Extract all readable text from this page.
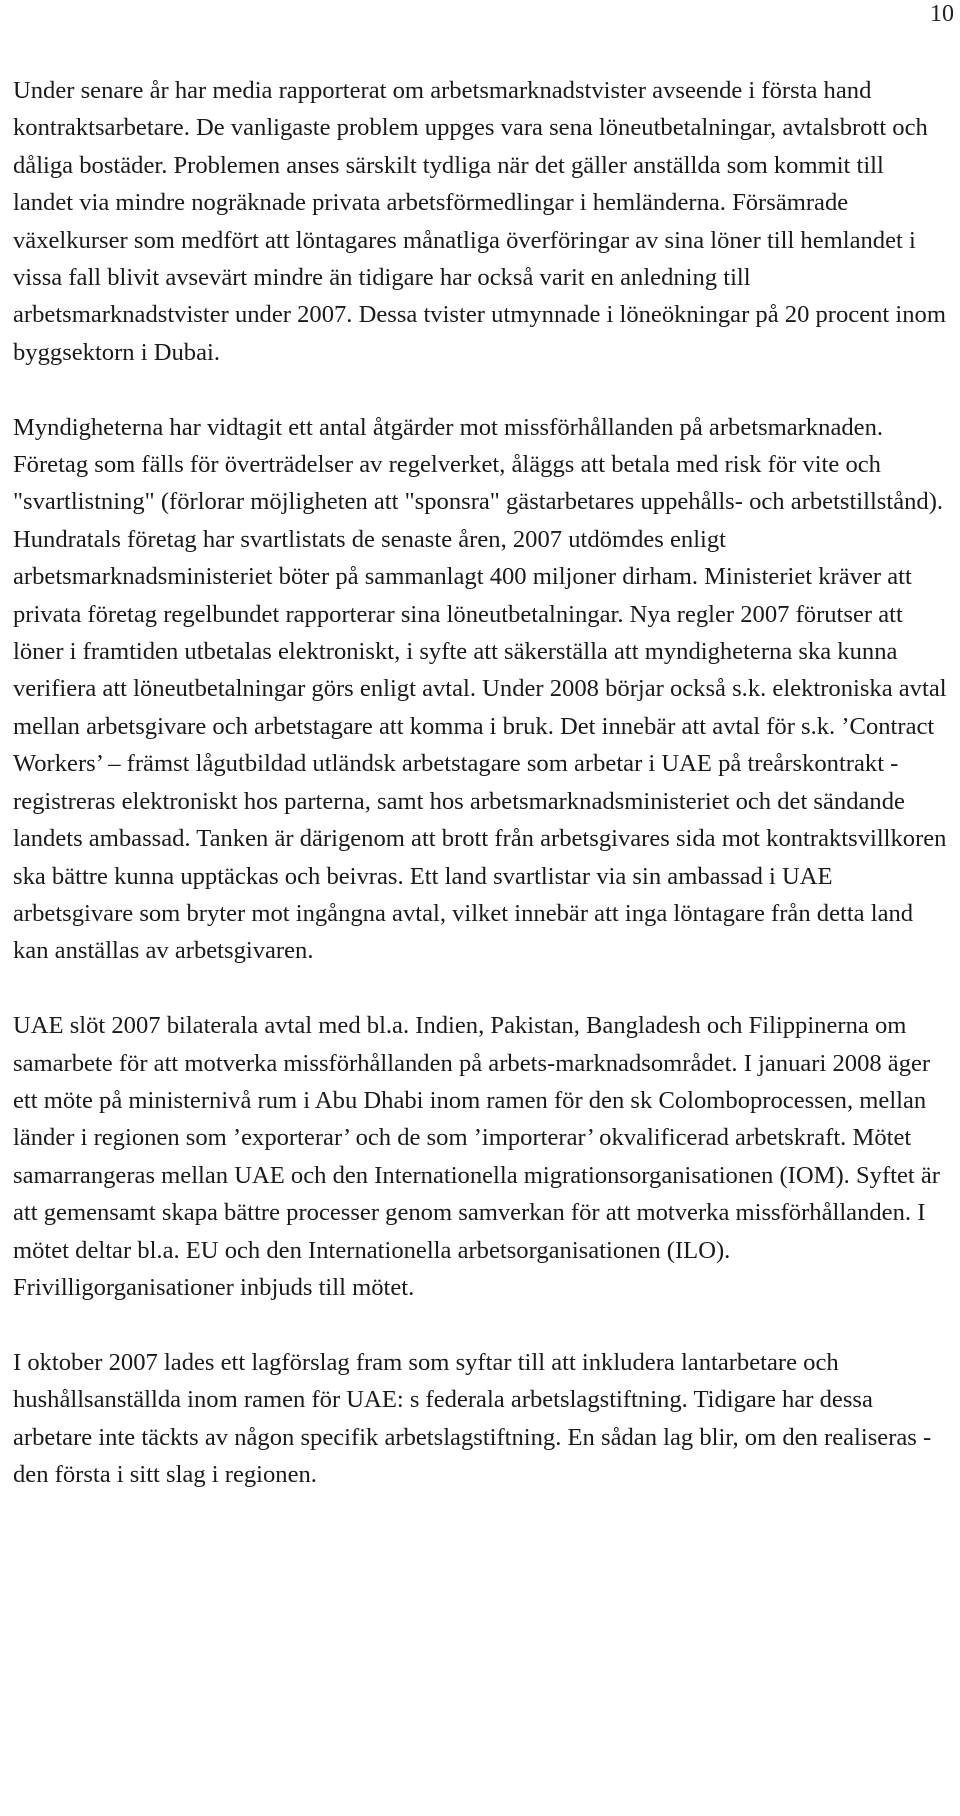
10

Under senare år har media rapporterat om arbetsmarknadstvister avseende i första hand kontraktsarbetare. De vanligaste problem uppges vara sena löneutbetalningar, avtalsbrott och dåliga bostäder. Problemen anses särskilt tydliga när det gäller anställda som kommit till landet via mindre nogräknade privata arbetsförmedlingar i hemländerna. Försämrade växelkurser som medfört att löntagares månatliga överföringar av sina löner till hemlandet i vissa fall blivit avsevärt mindre än tidigare har också varit en anledning till arbetsmarknadstvister under 2007. Dessa tvister utmynnade i löneökningar på 20 procent inom byggsektorn i Dubai.

Myndigheterna har vidtagit ett antal åtgärder mot missförhållanden på arbetsmarknaden. Företag som fälls för överträdelser av regelverket, åläggs att betala med risk för vite och "svartlistning" (förlorar möjligheten att "sponsra" gästarbetares uppehålls- och arbetstillstånd). Hundratals företag har svartlistats de senaste åren, 2007 utdömdes enligt arbetsmarknadsministeriet böter på sammanlagt 400 miljoner dirham. Ministeriet kräver att privata företag regelbundet rapporterar sina löneutbetalningar. Nya regler 2007 förutser att löner i framtiden utbetalas elektroniskt, i syfte att säkerställa att myndigheterna ska kunna verifiera att löneutbetalningar görs enligt avtal. Under 2008 börjar också s.k. elektroniska avtal mellan arbetsgivare och arbetstagare att komma i bruk. Det innebär att avtal för s.k. ’Contract Workers’ – främst lågutbildad utländsk arbetstagare som arbetar i UAE på treårskontrakt - registreras elektroniskt hos parterna, samt hos arbetsmarknadsministeriet och det sändande landets ambassad. Tanken är därigenom att brott från arbetsgivares sida mot kontraktsvillkoren ska bättre kunna upptäckas och beivras. Ett land svartlistar via sin ambassad i UAE arbetsgivare som bryter mot ingångna avtal, vilket innebär att inga löntagare från detta land kan anställas av arbetsgivaren.

UAE slöt 2007 bilaterala avtal med bl.a. Indien, Pakistan, Bangladesh och Filippinerna om samarbete för att motverka missförhållanden på arbets-marknadsområdet. I januari 2008 äger ett möte på ministernivå rum i Abu Dhabi inom ramen för den sk Colomboprocessen, mellan länder i regionen som ’exporterar’ och de som ’importerar’ okvalificerad arbetskraft. Mötet samarrangeras mellan UAE och den Internationella migrationsorganisationen (IOM). Syftet är att gemensamt skapa bättre processer genom samverkan för att motverka missförhållanden. I mötet deltar bl.a. EU och den Internationella arbetsorganisationen (ILO). Frivilligorganisationer inbjuds till mötet.

I oktober 2007 lades ett lagförslag fram som syftar till att inkludera lantarbetare och hushållsanställda inom ramen för UAE: s federala arbetslagstiftning. Tidigare har dessa arbetare inte täckts av någon specifik arbetslagstiftning. En sådan lag blir, om den realiseras - den första i sitt slag i regionen.
